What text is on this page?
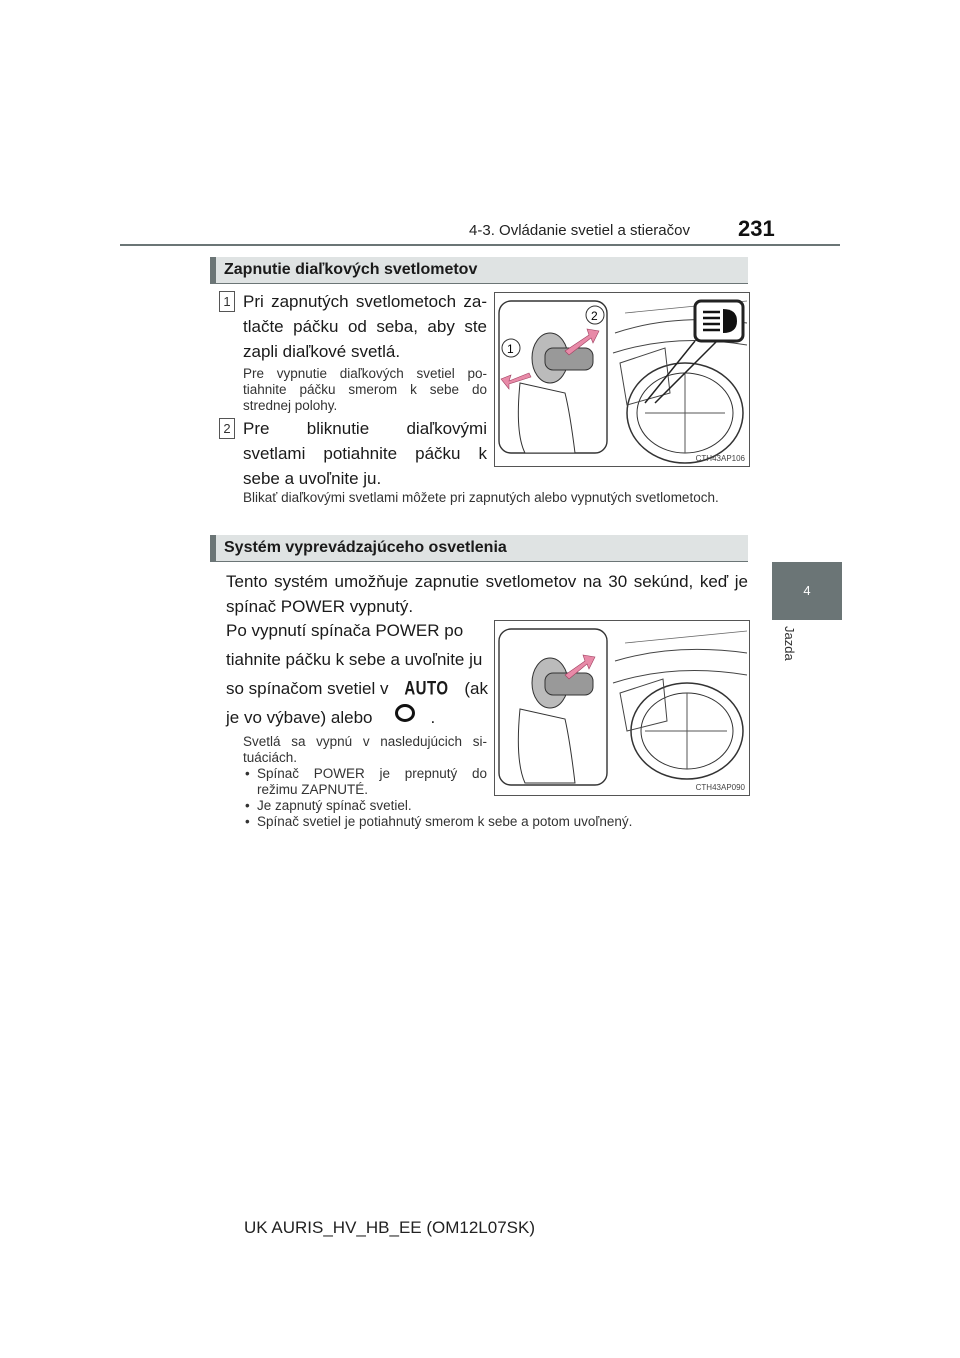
4-3. Ovládanie svetiel a stieračov 231
4
Jazda
Zapnutie diaľkových svetlometov
1 Pri zapnutých svetlometoch zatlačte páčku od seba, aby ste zapli diaľkové svetlá.
Pre vypnutie diaľkových svetiel potiahnite páčku smerom k sebe do strednej polohy.
2 Pre bliknutie diaľkovými svetlami potiahnite páčku k sebe a uvoľnite ju.
Blikať diaľkovými svetlami môžete pri zapnutých alebo vypnutých svetlometoch.
2
1
CTH43AP106
Systém vyprevádzajúceho osvetlenia
Tento systém umožňuje zapnutie svetlometov na 30 sekúnd, keď je spínač POWER vypnutý.
Po vypnutí spínača POWER po
tiahnite páčku k sebe a uvoľnite ju
so spínačom svetiel v AUTO (ak
je vo výbave) alebo	.
Svetlá sa vypnú v nasledujúcich situáciách.
• Spínač POWER je prepnutý do režimu ZAPNUTÉ.
• Je zapnutý spínač svetiel.
• Spínač svetiel je potiahnutý smerom k sebe a potom uvoľnený.
CTH43AP090
UK AURIS_HV_HB_EE (OM12L07SK)
